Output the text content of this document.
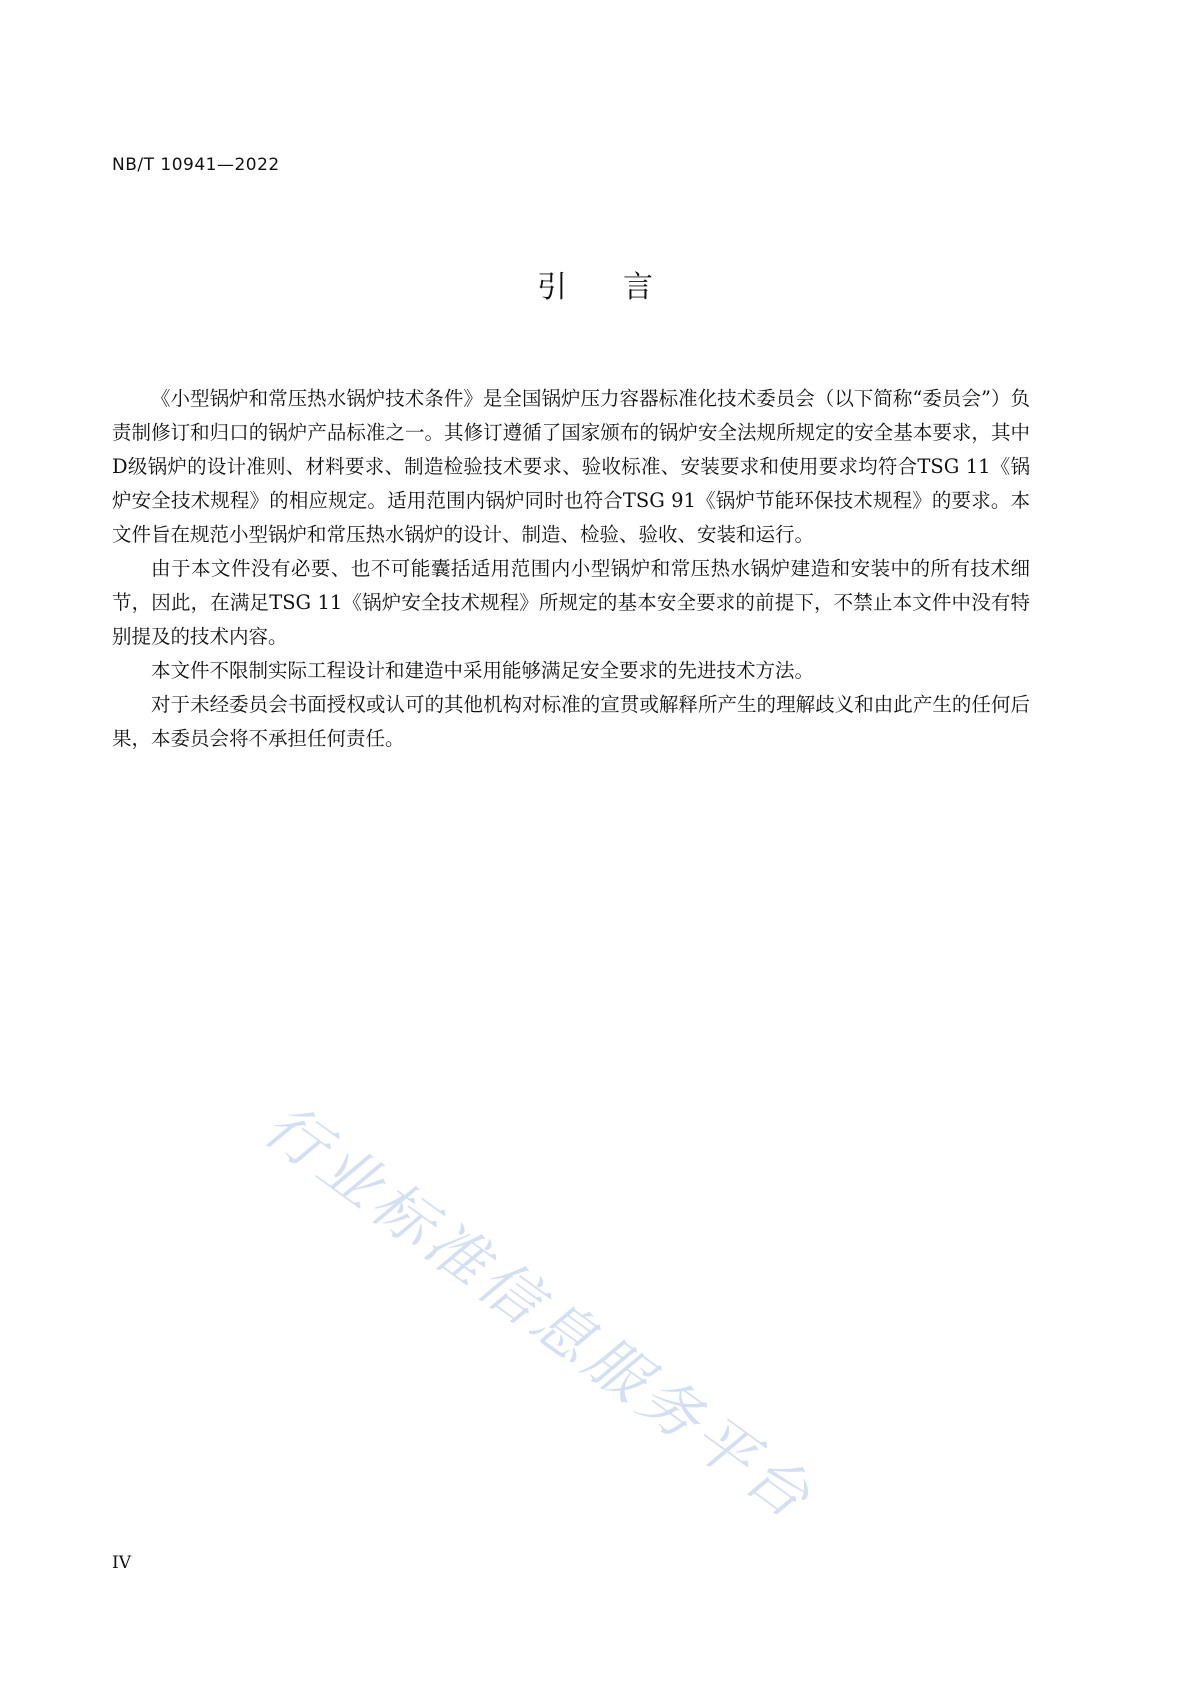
NB/T 10941—2022
引 言

《小型锅炉和常压热水锅炉技术条件》是全国锅炉压力容器标准化技术委员会（以下简称“委员会”）负责制修订和归口的锅炉产品标准之一。其修订遵循了国家颁布的锅炉安全法规所规定的安全基本要求，其中D级锅炉的设计准则、材料要求、制造检验技术要求、验收标准、安装要求和使用要求均符合TSG 11《锅炉安全技术规程》的相应规定。适用范围内锅炉同时也符合TSG 91《锅炉节能环保技术规程》的要求。本文件旨在规范小型锅炉和常压热水锅炉的设计、制造、检验、验收、安装和运行。

由于本文件没有必要、也不可能囊括适用范围内小型锅炉和常压热水锅炉建造和安装中的所有技术细节，因此，在满足TSG 11《锅炉安全技术规程》所规定的基本安全要求的前提下，不禁止本文件中没有特别提及的技术内容。

本文件不限制实际工程设计和建造中采用能够满足安全要求的先进技术方法。

对于未经委员会书面授权或认可的其他机构对标准的宣贯或解释所产生的理解歧义和由此产生的任何后果，本委员会将不承担任何责任。

行业标准信息服务平台
IV
